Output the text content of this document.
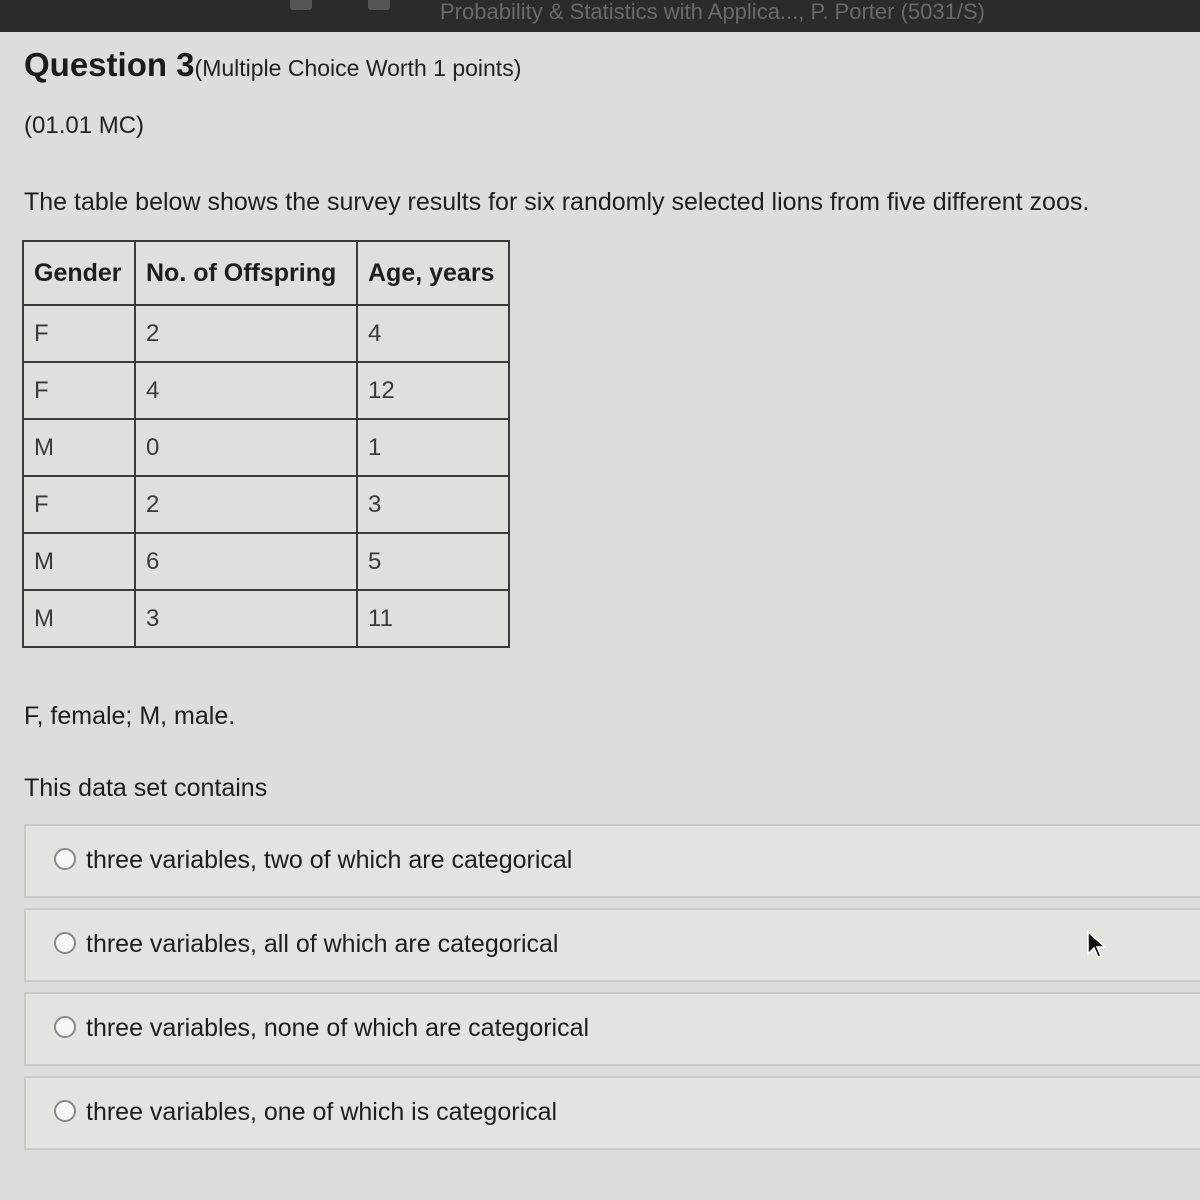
Probability & Statistics with Applica..., P. Porter (5031/S)
Question 3(Multiple Choice Worth 1 points)
(01.01 MC)
The table below shows the survey results for six randomly selected lions from five different zoos.
Gender	No. of Offspring	Age, years
F	2	4
F	4	12
M	0	1
F	2	3
M	6	5
M	3	11
F, female; M, male.
This data set contains
three variables, two of which are categorical
three variables, all of which are categorical
three variables, none of which are categorical
three variables, one of which is categorical
